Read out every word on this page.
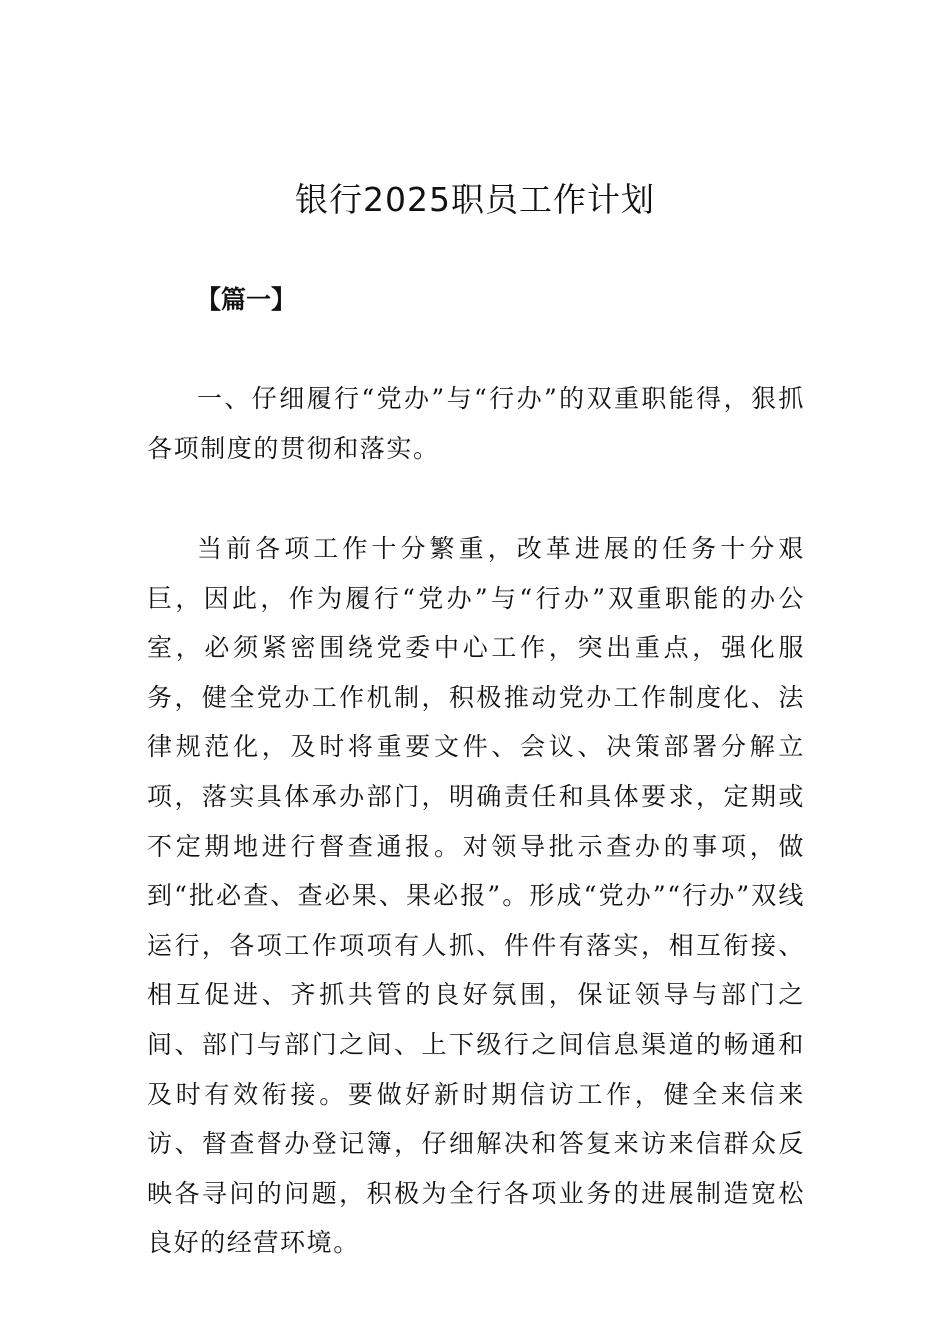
银行2025职员工作计划

【篇一】

一、仔细履行“党办”与“行办”的双重职能得，狠抓各项制度的贯彻和落实。

当前各项工作十分繁重，改革进展的任务十分艰巨，因此，作为履行“党办”与“行办”双重职能的办公室，必须紧密围绕党委中心工作，突出重点，强化服务，健全党办工作机制，积极推动党办工作制度化、法律规范化，及时将重要文件、会议、决策部署分解立项，落实具体承办部门，明确责任和具体要求，定期或不定期地进行督查通报。对领导批示查办的事项，做到“批必查、查必果、果必报”。形成“党办”“行办”双线运行，各项工作项项有人抓、件件有落实，相互衔接、相互促进、齐抓共管的良好氛围，保证领导与部门之间、部门与部门之间、上下级行之间信息渠道的畅通和及时有效衔接。要做好新时期信访工作，健全来信来访、督查督办登记簿，仔细解决和答复来访来信群众反映各寻问的问题，积极为全行各项业务的进展制造宽松良好的经营环境。
